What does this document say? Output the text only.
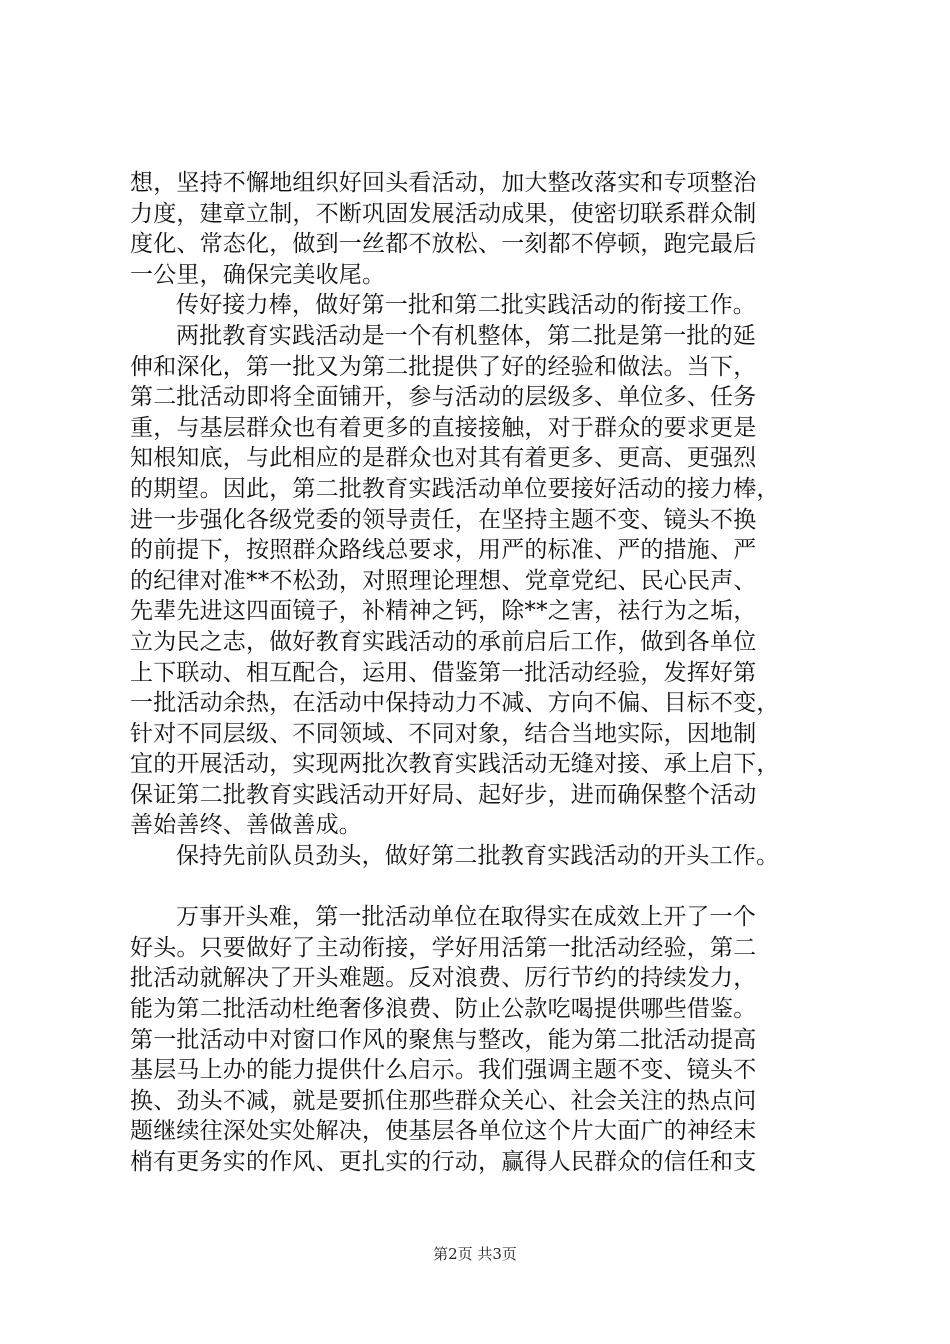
想，坚持不懈地组织好回头看活动，加大整改落实和专项整治
力度，建章立制，不断巩固发展活动成果，使密切联系群众制
度化、常态化，做到一丝都不放松、一刻都不停顿，跑完最后
一公里，确保完美收尾。
传好接力棒，做好第一批和第二批实践活动的衔接工作。
两批教育实践活动是一个有机整体，第二批是第一批的延
伸和深化，第一批又为第二批提供了好的经验和做法。当下，
第二批活动即将全面铺开，参与活动的层级多、单位多、任务
重，与基层群众也有着更多的直接接触，对于群众的要求更是
知根知底，与此相应的是群众也对其有着更多、更高、更强烈
的期望。因此，第二批教育实践活动单位要接好活动的接力棒，
进一步强化各级党委的领导责任，在坚持主题不变、镜头不换
的前提下，按照群众路线总要求，用严的标准、严的措施、严
的纪律对准**不松劲，对照理论理想、党章党纪、民心民声、
先辈先进这四面镜子，补精神之钙，除**之害，祛行为之垢，
立为民之志，做好教育实践活动的承前启后工作，做到各单位
上下联动、相互配合，运用、借鉴第一批活动经验，发挥好第
一批活动余热，在活动中保持动力不减、方向不偏、目标不变，
针对不同层级、不同领域、不同对象，结合当地实际，因地制
宜的开展活动，实现两批次教育实践活动无缝对接、承上启下，
保证第二批教育实践活动开好局、起好步，进而确保整个活动
善始善终、善做善成。
保持先前队员劲头，做好第二批教育实践活动的开头工作。
万事开头难，第一批活动单位在取得实在成效上开了一个
好头。只要做好了主动衔接，学好用活第一批活动经验，第二
批活动就解决了开头难题。反对浪费、厉行节约的持续发力，
能为第二批活动杜绝奢侈浪费、防止公款吃喝提供哪些借鉴。
第一批活动中对窗口作风的聚焦与整改，能为第二批活动提高
基层马上办的能力提供什么启示。我们强调主题不变、镜头不
换、劲头不减，就是要抓住那些群众关心、社会关注的热点问
题继续往深处实处解决，使基层各单位这个片大面广的神经末
梢有更务实的作风、更扎实的行动，赢得人民群众的信任和支
第2页 共3页
